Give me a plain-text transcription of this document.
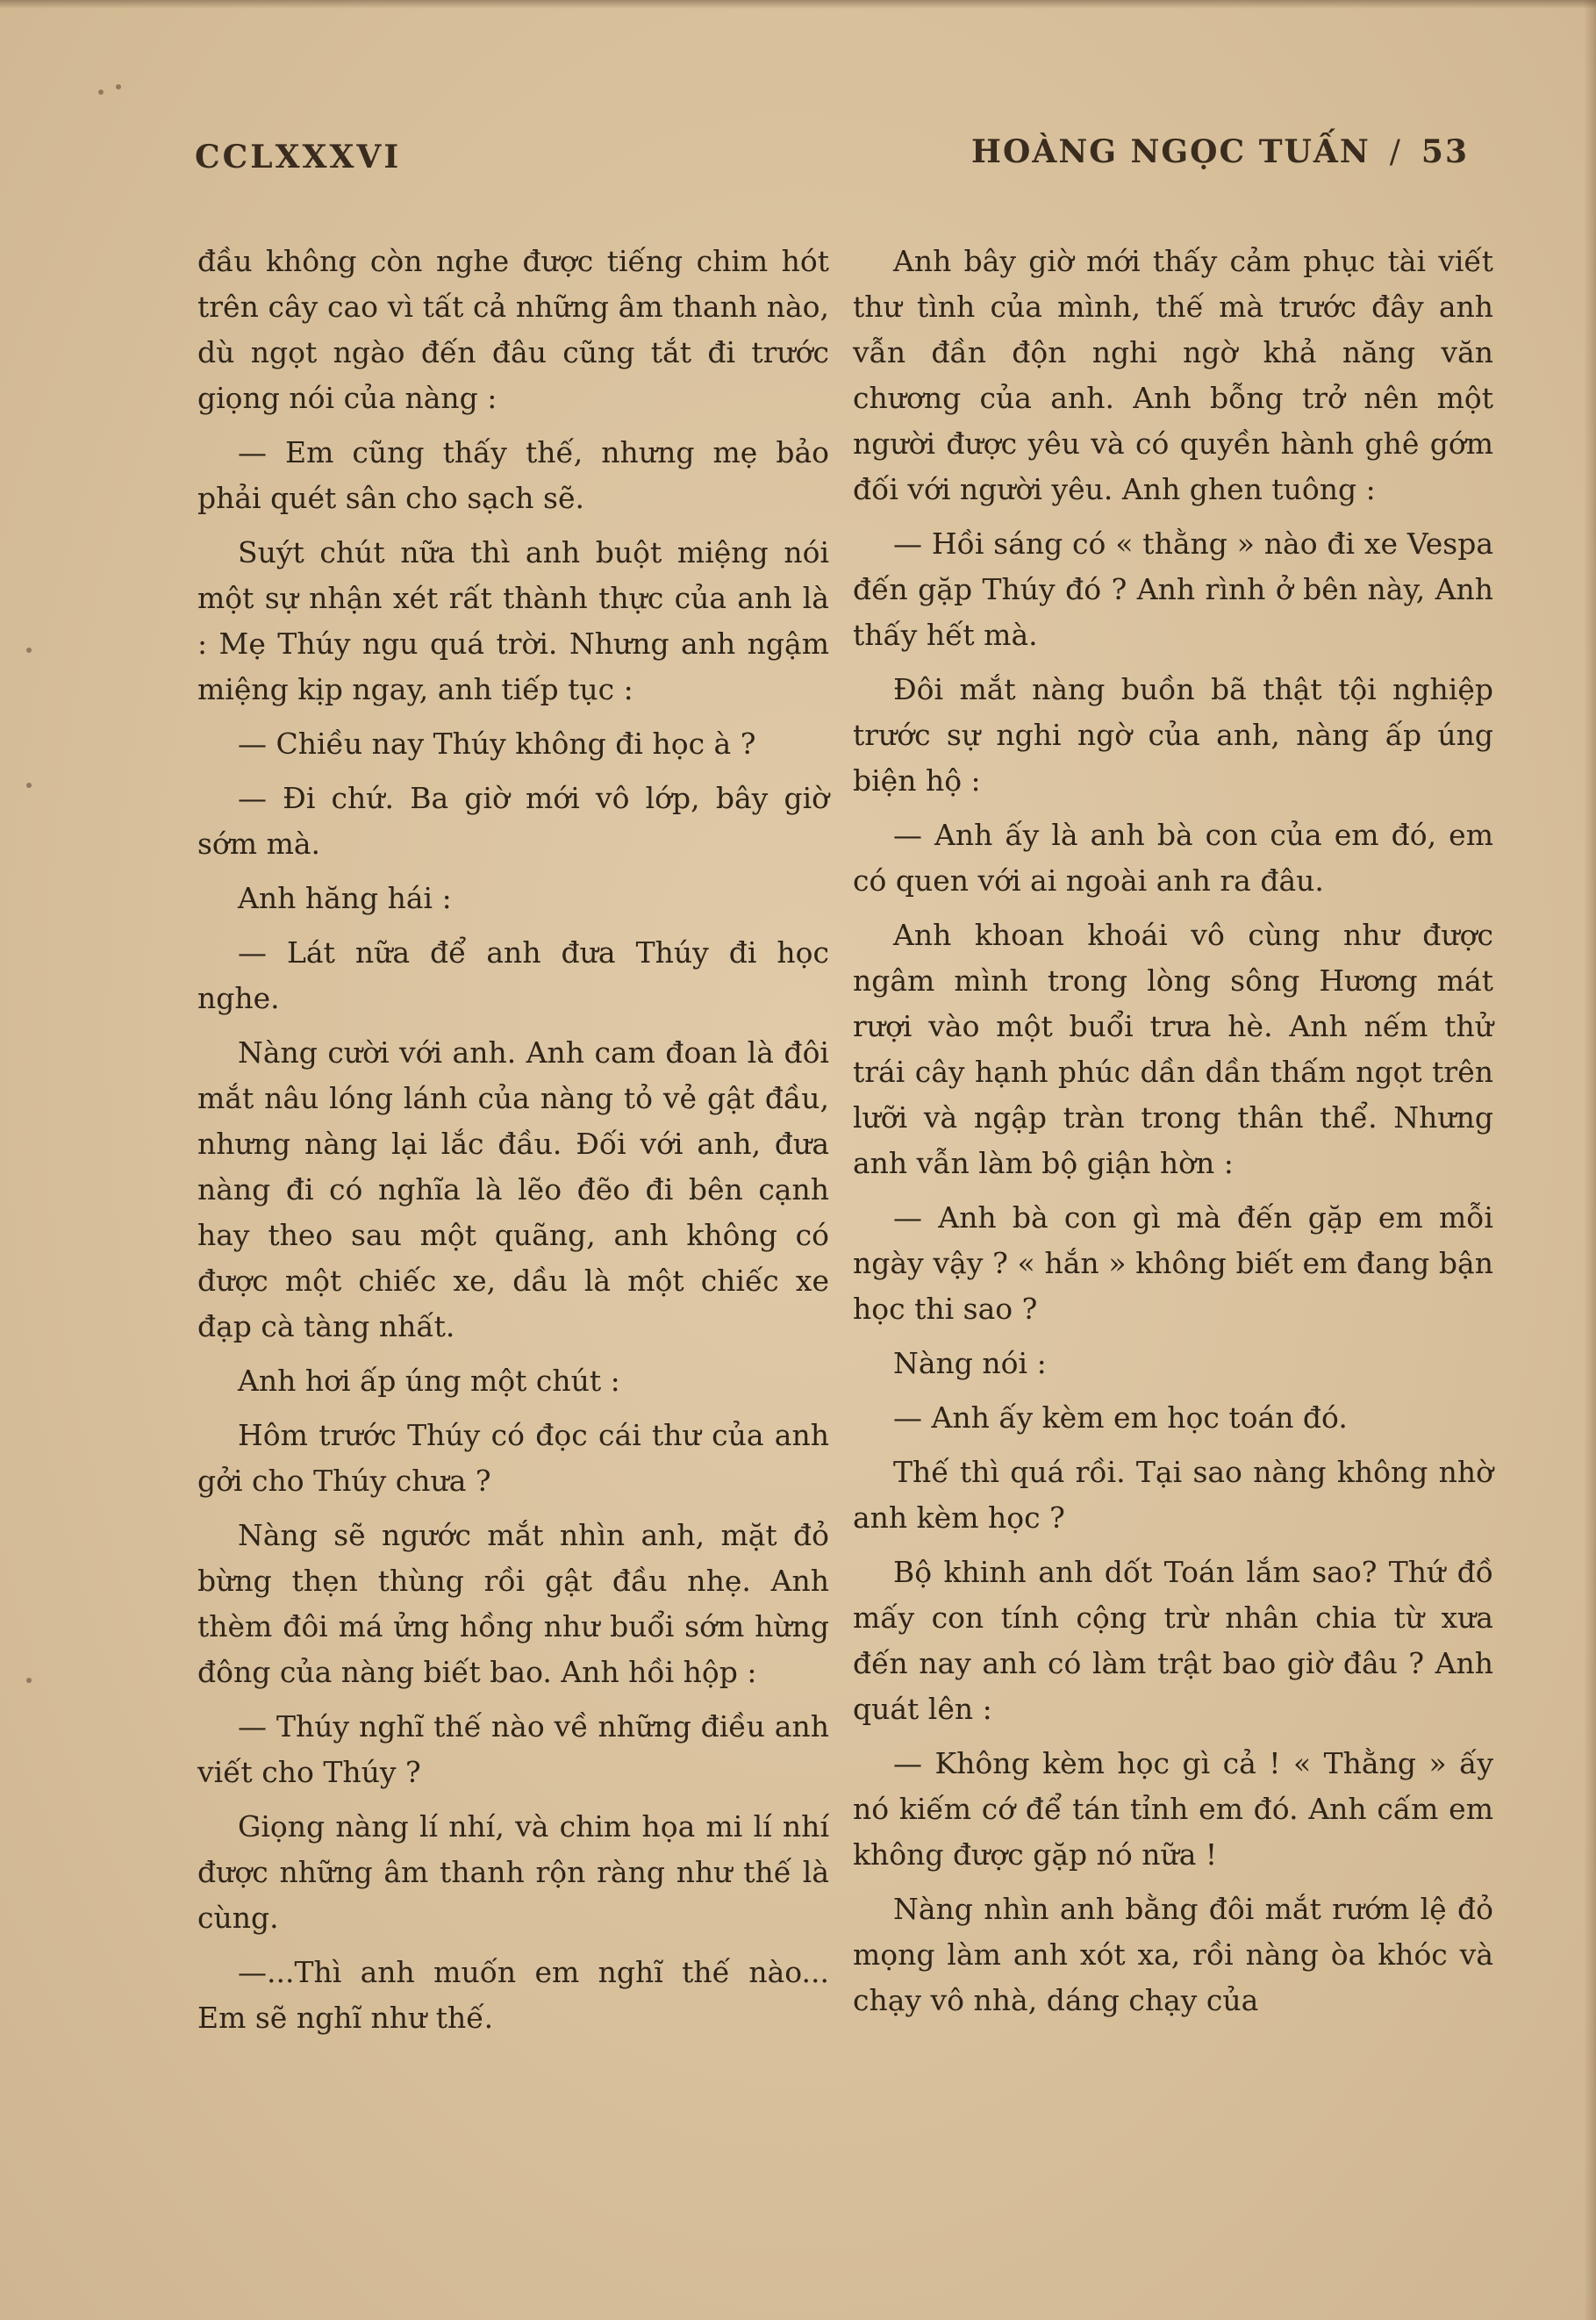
CCLXXXVI	HOÀNG NGỌC TUẤN / 53

đầu không còn nghe được tiếng chim hót trên cây cao vì tất cả những âm thanh nào, dù ngọt ngào đến đâu cũng tắt đi trước giọng nói của nàng :

— Em cũng thấy thế, nhưng mẹ bảo phải quét sân cho sạch sẽ.

Suýt chút nữa thì anh buột miệng nói một sự nhận xét rất thành thực của anh là : Mẹ Thúy ngu quá trời. Nhưng anh ngậm miệng kịp ngay, anh tiếp tục :

— Chiều nay Thúy không đi học à ?

— Đi chứ. Ba giờ mới vô lớp, bây giờ sớm mà.

Anh hăng hái :

— Lát nữa để anh đưa Thúy đi học nghe.

Nàng cười với anh. Anh cam đoan là đôi mắt nâu lóng lánh của nàng tỏ vẻ gật đầu, nhưng nàng lại lắc đầu. Đối với anh, đưa nàng đi có nghĩa là lẽo đẽo đi bên cạnh hay theo sau một quãng, anh không có được một chiếc xe, dầu là một chiếc xe đạp cà tàng nhất.

Anh hơi ấp úng một chút :

Hôm trước Thúy có đọc cái thư của anh gởi cho Thúy chưa ?

Nàng sẽ ngước mắt nhìn anh, mặt đỏ bừng thẹn thùng rồi gật đầu nhẹ. Anh thèm đôi má ửng hồng như buổi sớm hừng đông của nàng biết bao. Anh hồi hộp :

— Thúy nghĩ thế nào về những điều anh viết cho Thúy ?

Giọng nàng lí nhí, và chim họa mi lí nhí được những âm thanh rộn ràng như thế là cùng.

—...Thì anh muốn em nghĩ thế nào... Em sẽ nghĩ như thế.

Anh bây giờ mới thấy cảm phục tài viết thư tình của mình, thế mà trước đây anh vẫn đần độn nghi ngờ khả năng văn chương của anh. Anh bỗng trở nên một người được yêu và có quyền hành ghê gớm đối với người yêu. Anh ghen tuông :

— Hồi sáng có « thằng » nào đi xe Vespa đến gặp Thúy đó ? Anh rình ở bên này, Anh thấy hết mà.

Đôi mắt nàng buồn bã thật tội nghiệp trước sự nghi ngờ của anh, nàng ấp úng biện hộ :

— Anh ấy là anh bà con của em đó, em có quen với ai ngoài anh ra đâu.

Anh khoan khoái vô cùng như được ngâm mình trong lòng sông Hương mát rượi vào một buổi trưa hè. Anh nếm thử trái cây hạnh phúc dần dần thấm ngọt trên lưỡi và ngập tràn trong thân thể. Nhưng anh vẫn làm bộ giận hờn :

— Anh bà con gì mà đến gặp em mỗi ngày vậy ? « hắn » không biết em đang bận học thi sao ?

Nàng nói :

— Anh ấy kèm em học toán đó.

Thế thì quá rồi. Tại sao nàng không nhờ anh kèm học ?

Bộ khinh anh dốt Toán lắm sao? Thứ đồ mấy con tính cộng trừ nhân chia từ xưa đến nay anh có làm trật bao giờ đâu ? Anh quát lên :

— Không kèm học gì cả ! « Thằng » ấy nó kiếm cớ để tán tỉnh em đó. Anh cấm em không được gặp nó nữa !

Nàng nhìn anh bằng đôi mắt rướm lệ đỏ mọng làm anh xót xa, rồi nàng òa khóc và chạy vô nhà, dáng chạy của
